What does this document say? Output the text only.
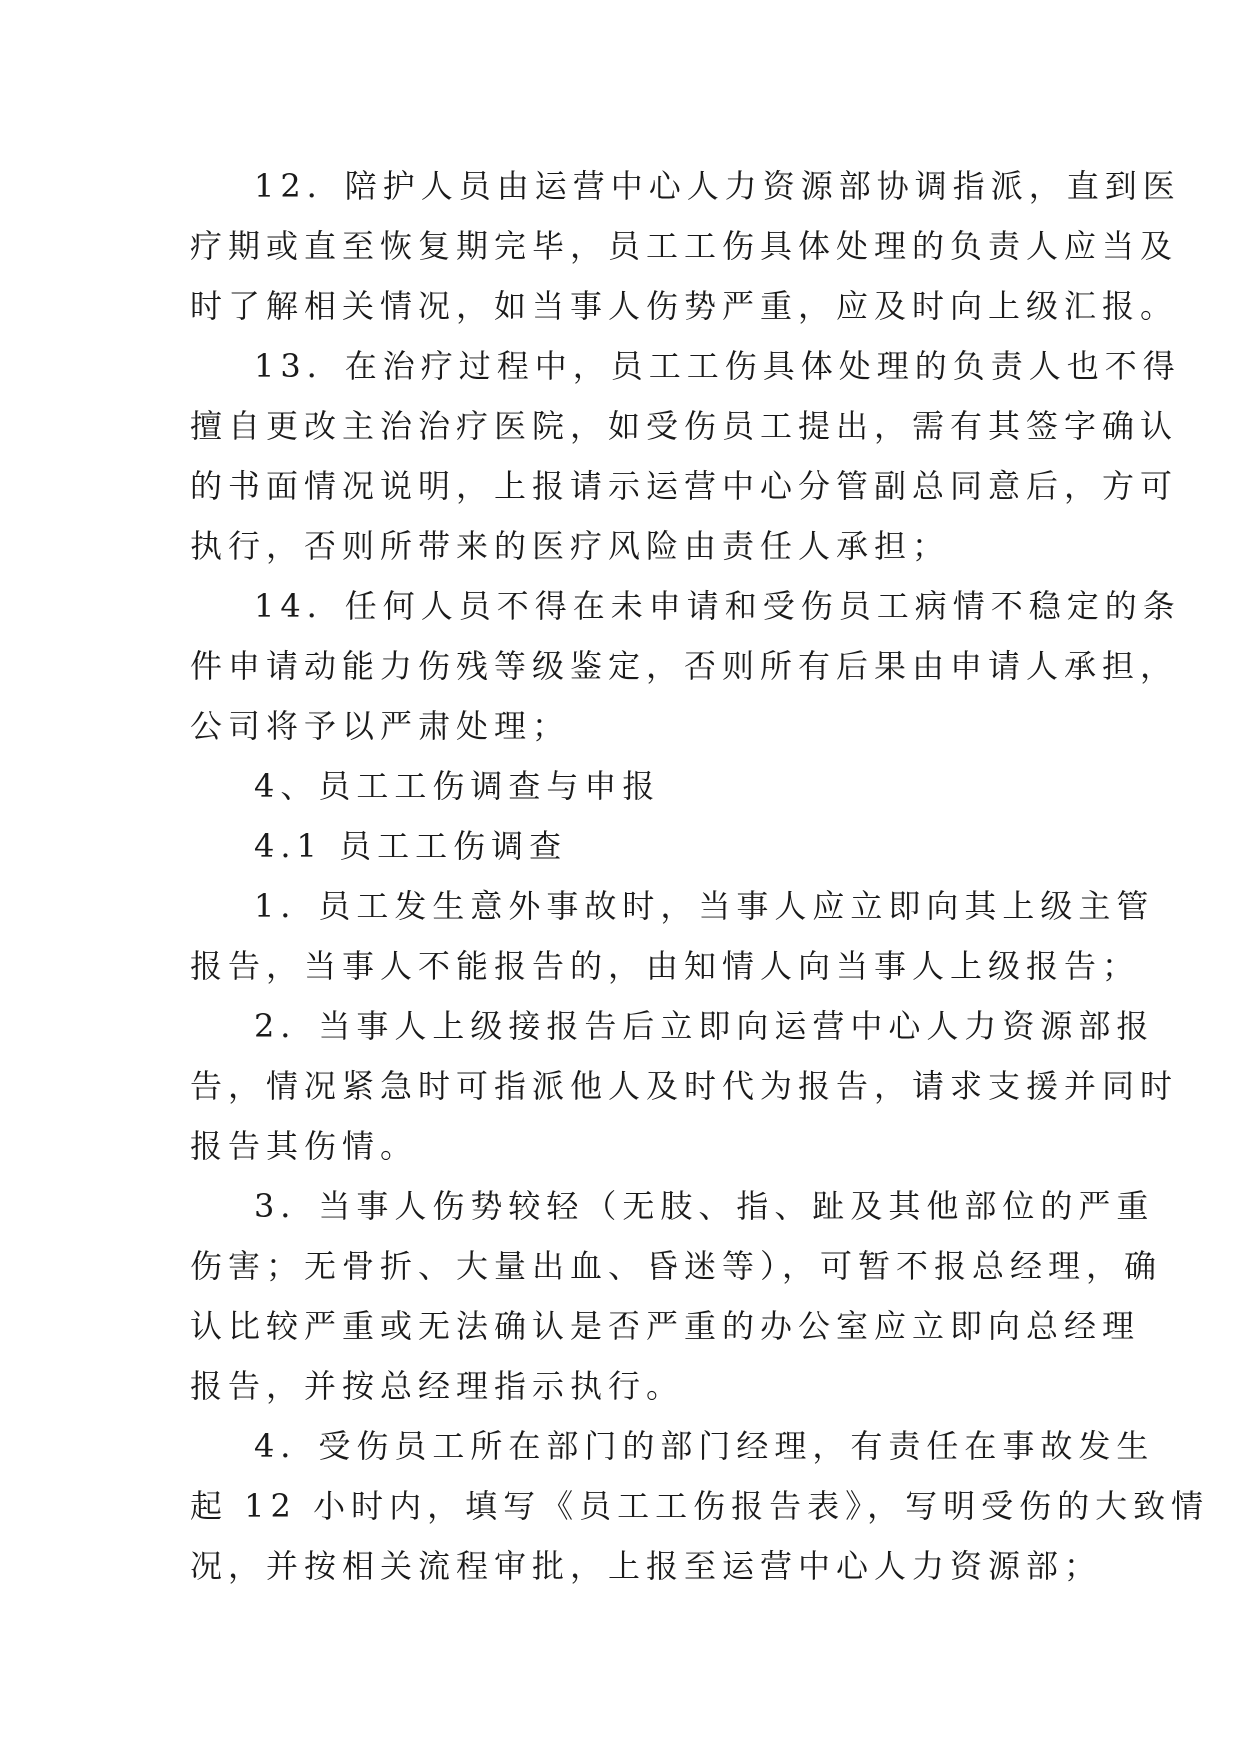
12．陪护人员由运营中心人力资源部协调指派，直到医
疗期或直至恢复期完毕，员工工伤具体处理的负责人应当及
时了解相关情况，如当事人伤势严重，应及时向上级汇报。
13．在治疗过程中，员工工伤具体处理的负责人也不得
擅自更改主治治疗医院，如受伤员工提出，需有其签字确认
的书面情况说明，上报请示运营中心分管副总同意后，方可
执行，否则所带来的医疗风险由责任人承担；
14．任何人员不得在未申请和受伤员工病情不稳定的条
件申请动能力伤残等级鉴定，否则所有后果由申请人承担，
公司将予以严肃处理；
4、员工工伤调查与申报
4.1 员工工伤调查
1．员工发生意外事故时，当事人应立即向其上级主管
报告，当事人不能报告的，由知情人向当事人上级报告；
2．当事人上级接报告后立即向运营中心人力资源部报
告，情况紧急时可指派他人及时代为报告，请求支援并同时
报告其伤情。
3．当事人伤势较轻（无肢、指、趾及其他部位的严重
伤害；无骨折、大量出血、昏迷等），可暂不报总经理，确
认比较严重或无法确认是否严重的办公室应立即向总经理
报告，并按总经理指示执行。
4．受伤员工所在部门的部门经理，有责任在事故发生
起 12 小时内，填写《员工工伤报告表》，写明受伤的大致情
况，并按相关流程审批，上报至运营中心人力资源部；
